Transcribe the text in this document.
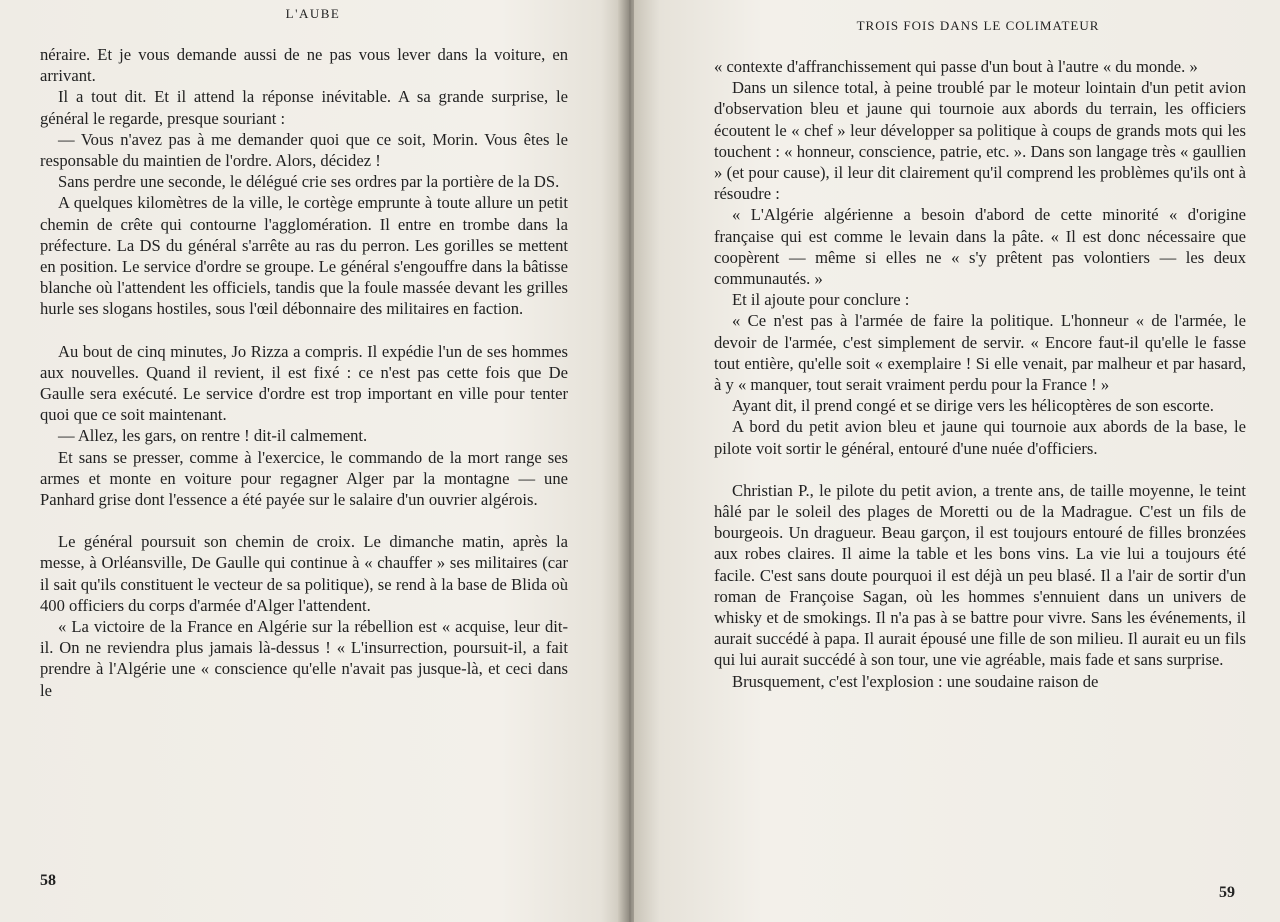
L'AUBE

néraire. Et je vous demande aussi de ne pas vous lever dans la voiture, en arrivant.

Il a tout dit. Et il attend la réponse inévitable. A sa grande surprise, le général le regarde, presque souriant :

— Vous n'avez pas à me demander quoi que ce soit, Morin. Vous êtes le responsable du maintien de l'ordre. Alors, décidez !

Sans perdre une seconde, le délégué crie ses ordres par la portière de la DS.

A quelques kilomètres de la ville, le cortège emprunte à toute allure un petit chemin de crête qui contourne l'agglomération. Il entre en trombe dans la préfecture. La DS du général s'arrête au ras du perron. Les gorilles se mettent en position. Le service d'ordre se groupe. Le général s'engouffre dans la bâtisse blanche où l'attendent les officiels, tandis que la foule massée devant les grilles hurle ses slogans hostiles, sous l'œil débonnaire des militaires en faction.

Au bout de cinq minutes, Jo Rizza a compris. Il expédie l'un de ses hommes aux nouvelles. Quand il revient, il est fixé : ce n'est pas cette fois que De Gaulle sera exécuté. Le service d'ordre est trop important en ville pour tenter quoi que ce soit maintenant.

— Allez, les gars, on rentre ! dit-il calmement.

Et sans se presser, comme à l'exercice, le commando de la mort range ses armes et monte en voiture pour regagner Alger par la montagne — une Panhard grise dont l'essence a été payée sur le salaire d'un ouvrier algérois.

Le général poursuit son chemin de croix. Le dimanche matin, après la messe, à Orléansville, De Gaulle qui continue à « chauffer » ses militaires (car il sait qu'ils constituent le vecteur de sa politique), se rend à la base de Blida où 400 officiers du corps d'armée d'Alger l'attendent.

« La victoire de la France en Algérie sur la rébellion est « acquise, leur dit-il. On ne reviendra plus jamais là-dessus ! « L'insurrection, poursuit-il, a fait prendre à l'Algérie une « conscience qu'elle n'avait pas jusque-là, et ceci dans le

58
TROIS FOIS DANS LE COLIMATEUR

« contexte d'affranchissement qui passe d'un bout à l'autre « du monde. »

Dans un silence total, à peine troublé par le moteur lointain d'un petit avion d'observation bleu et jaune qui tournoie aux abords du terrain, les officiers écoutent le « chef » leur développer sa politique à coups de grands mots qui les touchent : « honneur, conscience, patrie, etc. ». Dans son langage très « gaullien » (et pour cause), il leur dit clairement qu'il comprend les problèmes qu'ils ont à résoudre :

« L'Algérie algérienne a besoin d'abord de cette minorité « d'origine française qui est comme le levain dans la pâte. « Il est donc nécessaire que coopèrent — même si elles ne « s'y prêtent pas volontiers — les deux communautés. »

Et il ajoute pour conclure :

« Ce n'est pas à l'armée de faire la politique. L'honneur « de l'armée, le devoir de l'armée, c'est simplement de servir. « Encore faut-il qu'elle le fasse tout entière, qu'elle soit « exemplaire ! Si elle venait, par malheur et par hasard, à y « manquer, tout serait vraiment perdu pour la France ! »

Ayant dit, il prend congé et se dirige vers les hélicoptères de son escorte.

A bord du petit avion bleu et jaune qui tournoie aux abords de la base, le pilote voit sortir le général, entouré d'une nuée d'officiers.

Christian P., le pilote du petit avion, a trente ans, de taille moyenne, le teint hâlé par le soleil des plages de Moretti ou de la Madrague. C'est un fils de bourgeois. Un dragueur. Beau garçon, il est toujours entouré de filles bronzées aux robes claires. Il aime la table et les bons vins. La vie lui a toujours été facile. C'est sans doute pourquoi il est déjà un peu blasé. Il a l'air de sortir d'un roman de Françoise Sagan, où les hommes s'ennuient dans un univers de whisky et de smokings. Il n'a pas à se battre pour vivre. Sans les événements, il aurait succédé à papa. Il aurait épousé une fille de son milieu. Il aurait eu un fils qui lui aurait succédé à son tour, une vie agréable, mais fade et sans surprise.

Brusquement, c'est l'explosion : une soudaine raison de

59
